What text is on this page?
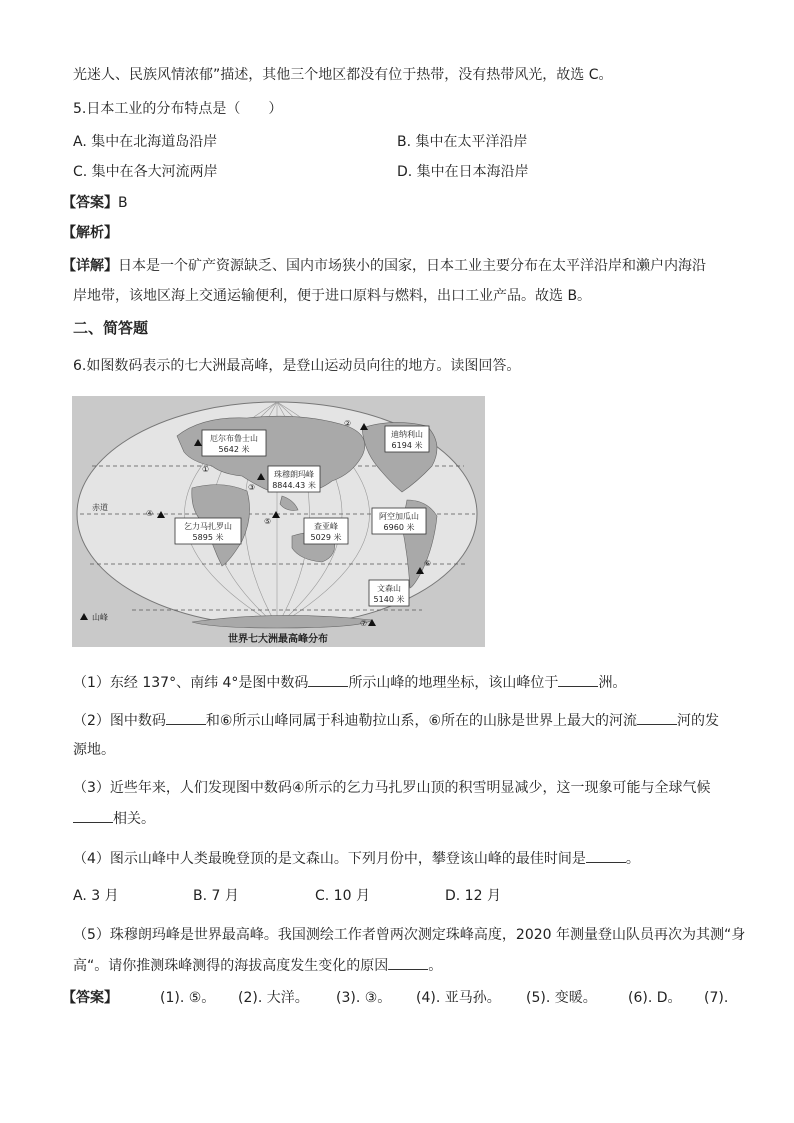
光迷人、民族风情浓郁”描述，其他三个地区都没有位于热带，没有热带风光，故选 C。
5.日本工业的分布特点是（　　）
A. 集中在北海道岛沿岸	B. 集中在太平洋沿岸
C. 集中在各大河流两岸	D. 集中在日本海沿岸
【答案】B
【解析】
【详解】日本是一个矿产资源缺乏、国内市场狭小的国家，日本工业主要分布在太平洋沿岸和濑户内海沿
岸地带，该地区海上交通运输便利，便于进口原料与燃料，出口工业产品。故选 B。
二、简答题
6.如图数码表示的七大洲最高峰，是登山运动员向往的地方。读图回答。
赤道
厄尔布鲁士山
5642 米
迪纳利山
6194 米
珠穆朗玛峰
8844.43 米
乞力马扎罗山
5895 米
查亚峰
5029 米
阿空加瓜山
6960 米
文森山
5140 米
①
②
③
④
⑤
⑥
⑦
山峰
世界七大洲最高峰分布
（1）东经 137°、南纬 4°是图中数码	所示山峰的地理坐标，该山峰位于	洲。
（2）图中数码	和⑥所示山峰同属于科迪勒拉山系，⑥所在的山脉是世界上最大的河流	河的发
源地。
（3）近些年来，人们发现图中数码④所示的乞力马扎罗山顶的积雪明显减少，这一现象可能与全球气候
相关。
（4）图示山峰中人类最晚登顶的是文森山。下列月份中，攀登该山峰的最佳时间是	。
A. 3 月	B. 7 月	C. 10 月	D. 12 月
（5）珠穆朗玛峰是世界最高峰。我国测绘工作者曾两次测定珠峰高度，2020 年测量登山队员再次为其测“身
高“。请你推测珠峰测得的海拔高度发生变化的原因	。
【答案】	(1). ⑤。 (2). 大洋。 (3). ③。 (4). 亚马孙。 (5). 变暖。 (6). D。 (7).
